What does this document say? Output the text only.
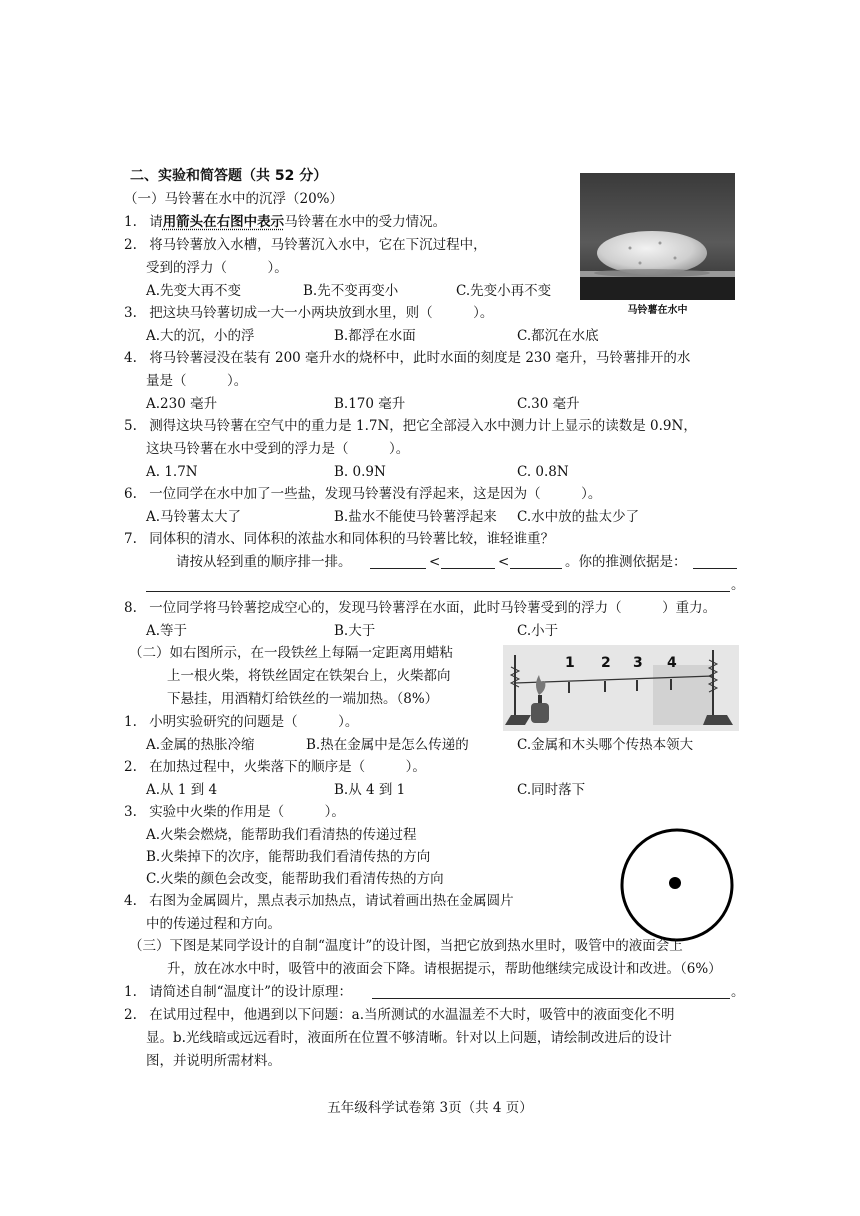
二、实验和简答题（共 52 分）
（一）马铃薯在水中的沉浮（20%）
1. 请用箭头在右图中表示马铃薯在水中的受力情况。
2. 将马铃薯放入水槽，马铃薯沉入水中，它在下沉过程中，
受到的浮力（　　　）。
A.先变大再不变	B.先不变再变小	C.先变小再不变
马铃薯在水中
3. 把这块马铃薯切成一大一小两块放到水里，则（　　　）。
A.大的沉，小的浮	B.都浮在水面	C.都沉在水底
4. 将马铃薯浸没在装有 200 毫升水的烧杯中，此时水面的刻度是 230 毫升，马铃薯排开的水
量是（　　　）。
A.230 毫升	B.170 毫升	C.30 毫升
5. 测得这块马铃薯在空气中的重力是 1.7N，把它全部浸入水中测力计上显示的读数是 0.9N，
这块马铃薯在水中受到的浮力是（　　　）。
A. 1.7N	B. 0.9N	C. 0.8N
6. 一位同学在水中加了一些盐，发现马铃薯没有浮起来，这是因为（　　　）。
A.马铃薯太大了	B.盐水不能使马铃薯浮起来 C.水中放的盐太少了
7. 同体积的清水、同体积的浓盐水和同体积的马铃薯比较，谁轻谁重？
请按从轻到重的顺序排一排。	<	<	。你的推测依据是：
。
8. 一位同学将马铃薯挖成空心的，发现马铃薯浮在水面，此时马铃薯受到的浮力（　　　）重力。
A.等于	B.大于	C.小于
（二）如右图所示，在一段铁丝上每隔一定距离用蜡粘
上一根火柴，将铁丝固定在铁架台上，火柴都向
下悬挂，用酒精灯给铁丝的一端加热。（8%）
1 2 3 4
1. 小明实验研究的问题是（　　　）。
A.金属的热胀冷缩	B.热在金属中是怎么传递的	C.金属和木头哪个传热本领大
2. 在加热过程中，火柴落下的顺序是（　　　）。
A.从 1 到 4	B.从 4 到 1	C.同时落下
3. 实验中火柴的作用是（　　　）。
A.火柴会燃烧，能帮助我们看清热的传递过程
B.火柴掉下的次序，能帮助我们看清传热的方向
C.火柴的颜色会改变，能帮助我们看清传热的方向
4. 右图为金属圆片，黑点表示加热点，请试着画出热在金属圆片
中的传递过程和方向。
（三）下图是某同学设计的自制“温度计”的设计图，当把它放到热水里时，吸管中的液面会上
升，放在冰水中时，吸管中的液面会下降。请根据提示，帮助他继续完成设计和改进。（6%）
1. 请简述自制“温度计”的设计原理：	。
2. 在试用过程中，他遇到以下问题：a.当所测试的水温温差不大时，吸管中的液面变化不明
显。b.光线暗或远远看时，液面所在位置不够清晰。针对以上问题，请绘制改进后的设计
图，并说明所需材料。
五年级科学试卷第 3页（共 4 页）
